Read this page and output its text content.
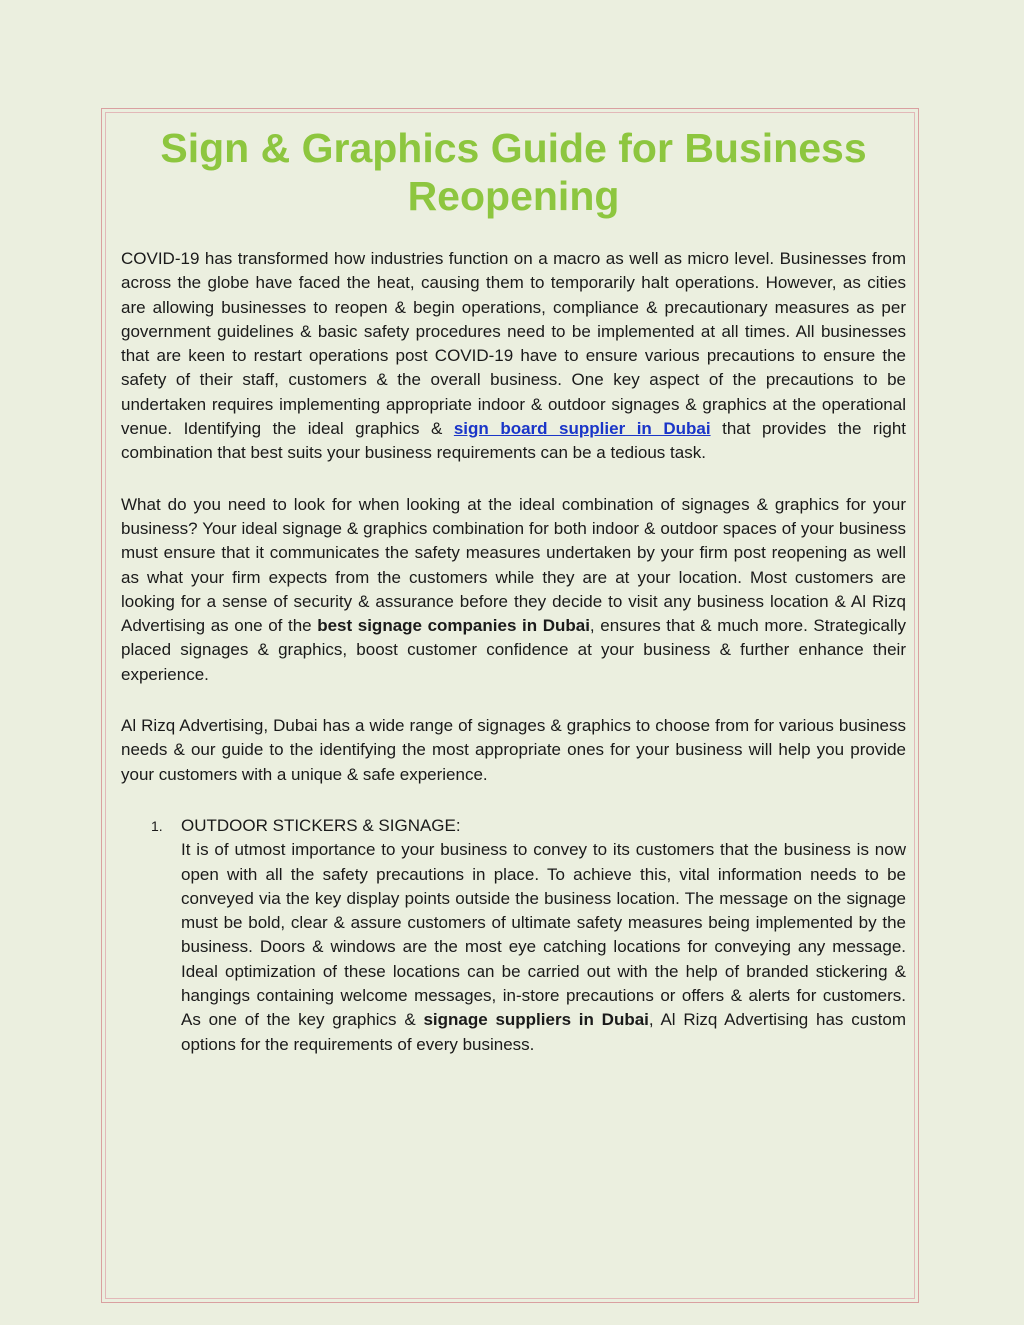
Sign & Graphics Guide for Business
Reopening

COVID-19 has transformed how industries function on a macro as well as micro level. Businesses from across the globe have faced the heat, causing them to temporarily halt operations. However, as cities are allowing businesses to reopen & begin operations, compliance & precautionary measures as per government guidelines & basic safety procedures need to be implemented at all times. All businesses that are keen to restart operations post COVID-19 have to ensure various precautions to ensure the safety of their staff, customers & the overall business. One key aspect of the precautions to be undertaken requires implementing appropriate indoor & outdoor signages & graphics at the operational venue. Identifying the ideal graphics & sign board supplier in Dubai that provides the right combination that best suits your business requirements can be a tedious task.

What do you need to look for when looking at the ideal combination of signages & graphics for your business? Your ideal signage & graphics combination for both indoor & outdoor spaces of your business must ensure that it communicates the safety measures undertaken by your firm post reopening as well as what your firm expects from the customers while they are at your location. Most customers are looking for a sense of security & assurance before they decide to visit any business location & Al Rizq Advertising as one of the best signage companies in Dubai, ensures that & much more. Strategically placed signages & graphics, boost customer confidence at your business & further enhance their experience.

Al Rizq Advertising, Dubai has a wide range of signages & graphics to choose from for various business needs & our guide to the identifying the most appropriate ones for your business will help you provide your customers with a unique & safe experience.

1.	OUTDOOR STICKERS & SIGNAGE:

It is of utmost importance to your business to convey to its customers that the business is now open with all the safety precautions in place. To achieve this, vital information needs to be conveyed via the key display points outside the business location. The message on the signage must be bold, clear & assure customers of ultimate safety measures being implemented by the business. Doors & windows are the most eye catching locations for conveying any message. Ideal optimization of these locations can be carried out with the help of branded stickering & hangings containing welcome messages, in-store precautions or offers & alerts for customers. As one of the key graphics & signage suppliers in Dubai, Al Rizq Advertising has custom options for the requirements of every business.
